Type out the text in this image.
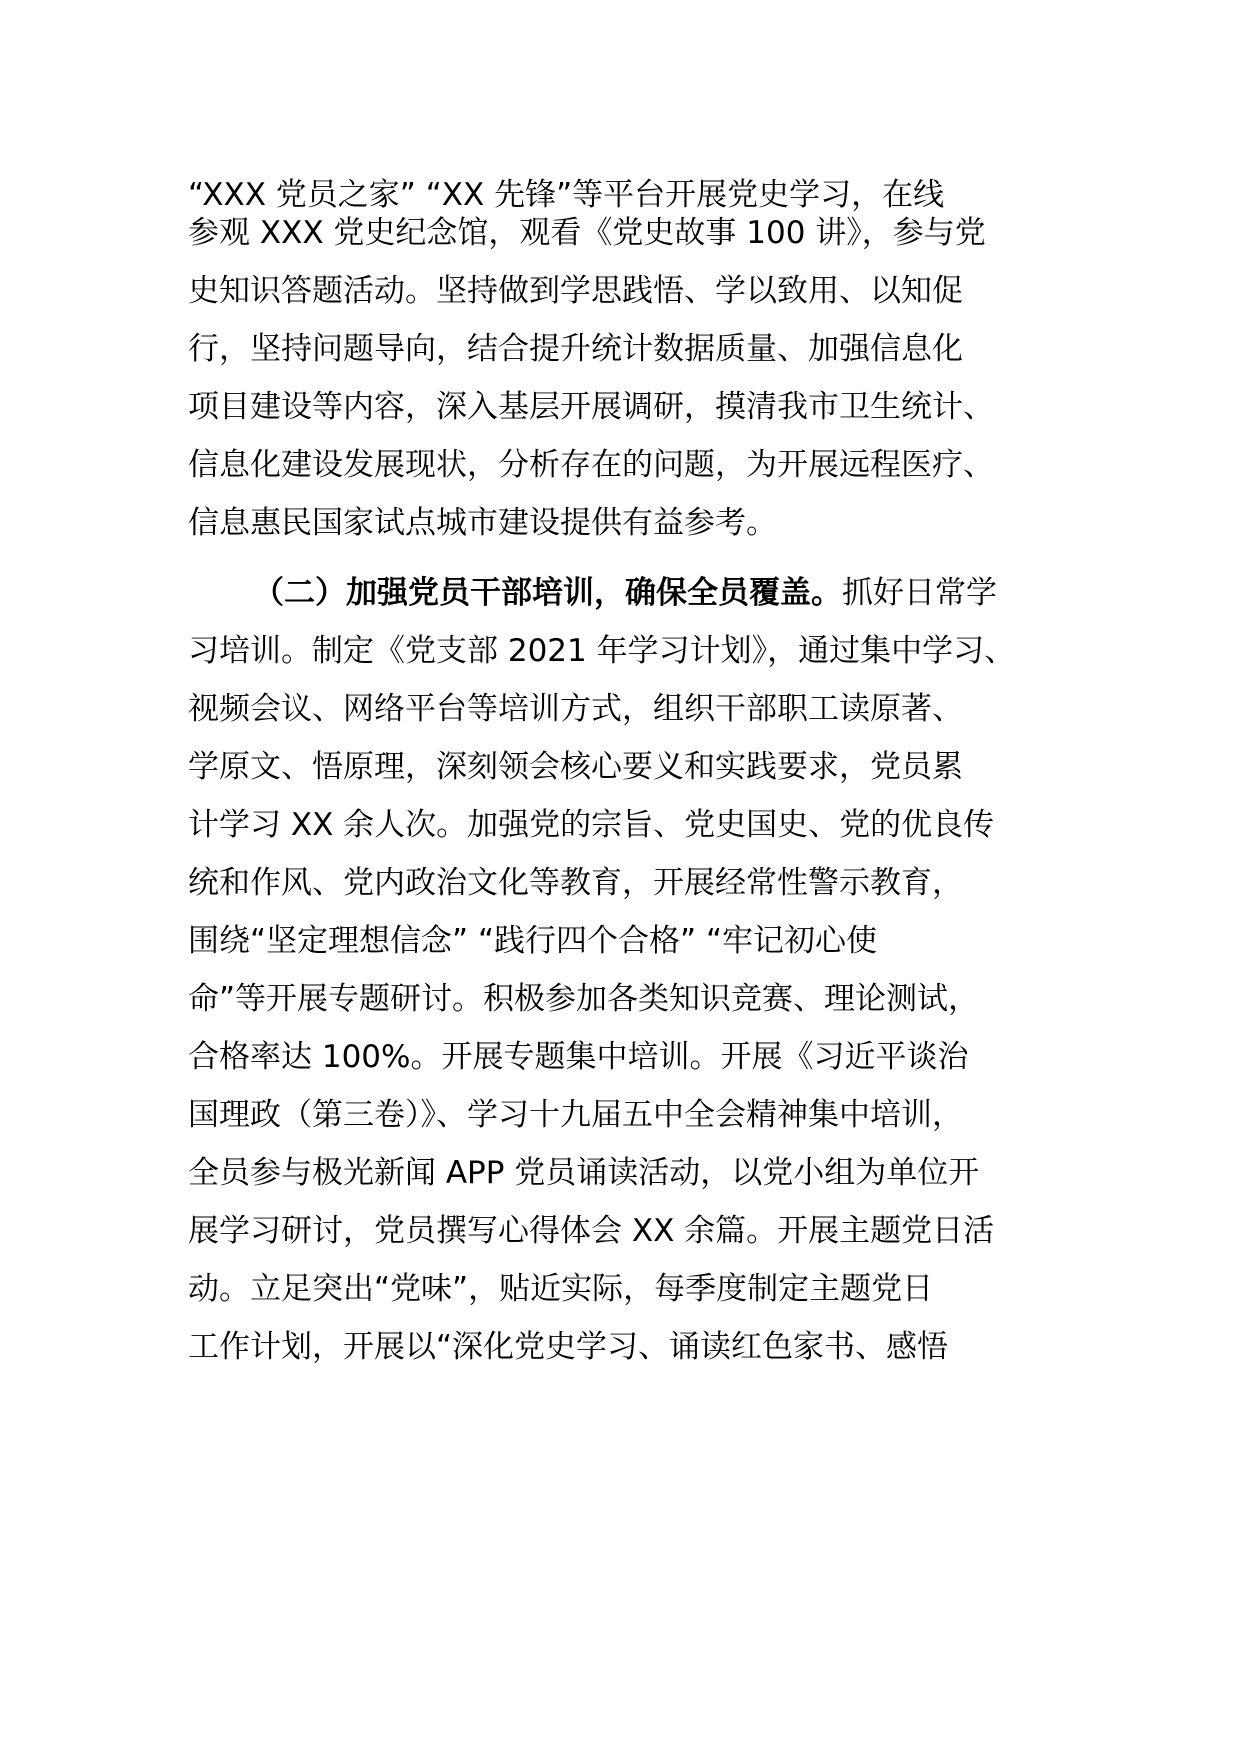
“XXX 党员之家” “XX 先锋”等平台开展党史学习，在线
参观 XXX 党史纪念馆，观看《党史故事 100 讲》，参与党
史知识答题活动。坚持做到学思践悟、学以致用、以知促
行，坚持问题导向，结合提升统计数据质量、加强信息化
项目建设等内容，深入基层开展调研，摸清我市卫生统计、
信息化建设发展现状，分析存在的问题，为开展远程医疗、
信息惠民国家试点城市建设提供有益参考。
（二）加强党员干部培训，确保全员覆盖。抓好日常学
习培训。制定《党支部 2021 年学习计划》，通过集中学习、
视频会议、网络平台等培训方式，组织干部职工读原著、
学原文、悟原理，深刻领会核心要义和实践要求，党员累
计学习 XX 余人次。加强党的宗旨、党史国史、党的优良传
统和作风、党内政治文化等教育，开展经常性警示教育，
围绕“坚定理想信念” “践行四个合格” “牢记初心使
命”等开展专题研讨。积极参加各类知识竞赛、理论测试，
合格率达 100%。开展专题集中培训。开展《习近平谈治
国理政（第三卷）》、学习十九届五中全会精神集中培训，
全员参与极光新闻 APP 党员诵读活动，以党小组为单位开
展学习研讨，党员撰写心得体会 XX 余篇。开展主题党日活
动。立足突出“党味”，贴近实际，每季度制定主题党日
工作计划，开展以“深化党史学习、诵读红色家书、感悟
